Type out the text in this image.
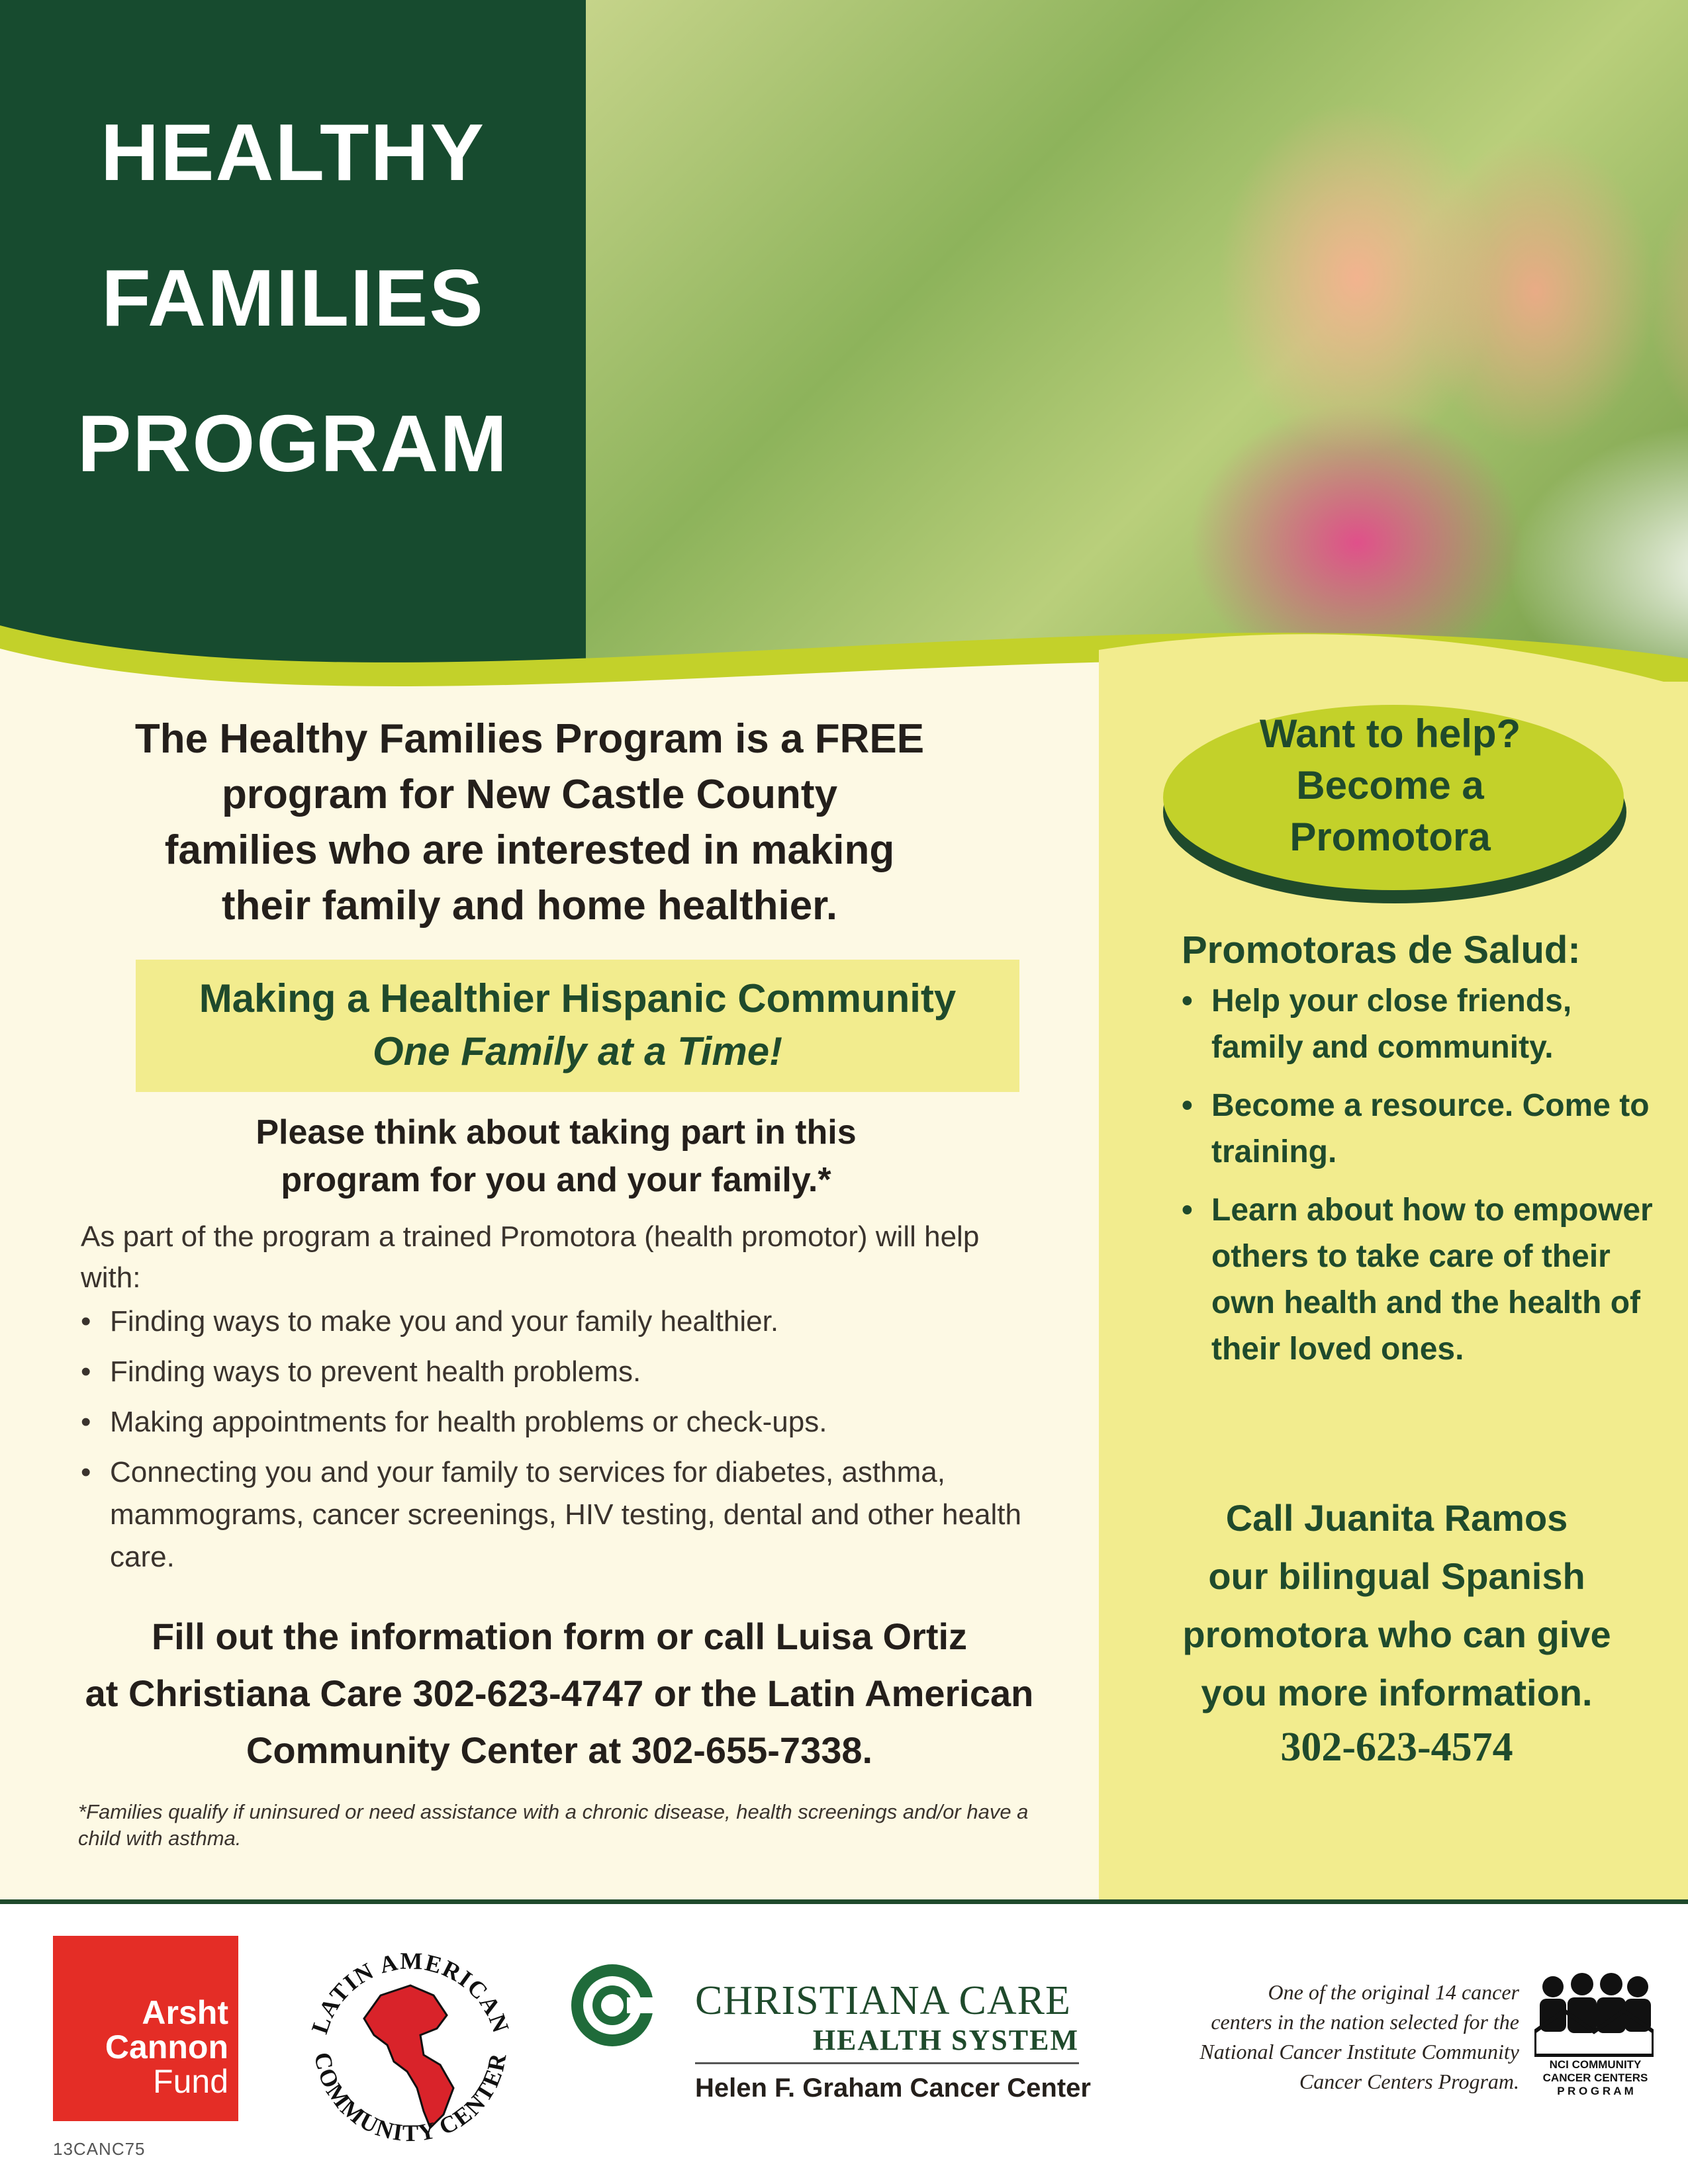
HEALTHY
FAMILIES
PROGRAM
The Healthy Families Program is a FREE
program for New Castle County
families who are interested in making
their family and home healthier.
Making a Healthier Hispanic Community
One Family at a Time!
Please think about taking part in this
program for you and your family.*
As part of the program a trained Promotora (health promotor) will help with:
• Finding ways to make you and your family healthier.
• Finding ways to prevent health problems.
• Making appointments for health problems or check-ups.
• Connecting you and your family to services for diabetes, asthma, mammograms, cancer screenings, HIV testing, dental and other health care.
Fill out the information form or call Luisa Ortiz
at Christiana Care 302-623-4747 or the Latin American
Community Center at 302-655-7338.
*Families qualify if uninsured or need assistance with a chronic disease, health screenings and/or have a child with asthma.
Want to help?
Become a
Promotora
Promotoras de Salud:
• Help your close friends, family and community.
• Become a resource. Come to training.
• Learn about how to empower others to take care of their own health and the health of their loved ones.
Call Juanita Ramos
our bilingual Spanish
promotora who can give
you more information.
302-623-4574
Arsht
Cannon
Fund
13CANC75
LATIN AMERICAN
COMMUNITY CENTER
CHRISTIANA CARE
HEALTH SYSTEM
Helen F. Graham Cancer Center
One of the original 14 cancer
centers in the nation selected for the
National Cancer Institute Community
Cancer Centers Program.
NCI COMMUNITY
CANCER CENTERS
P R O G R A M
